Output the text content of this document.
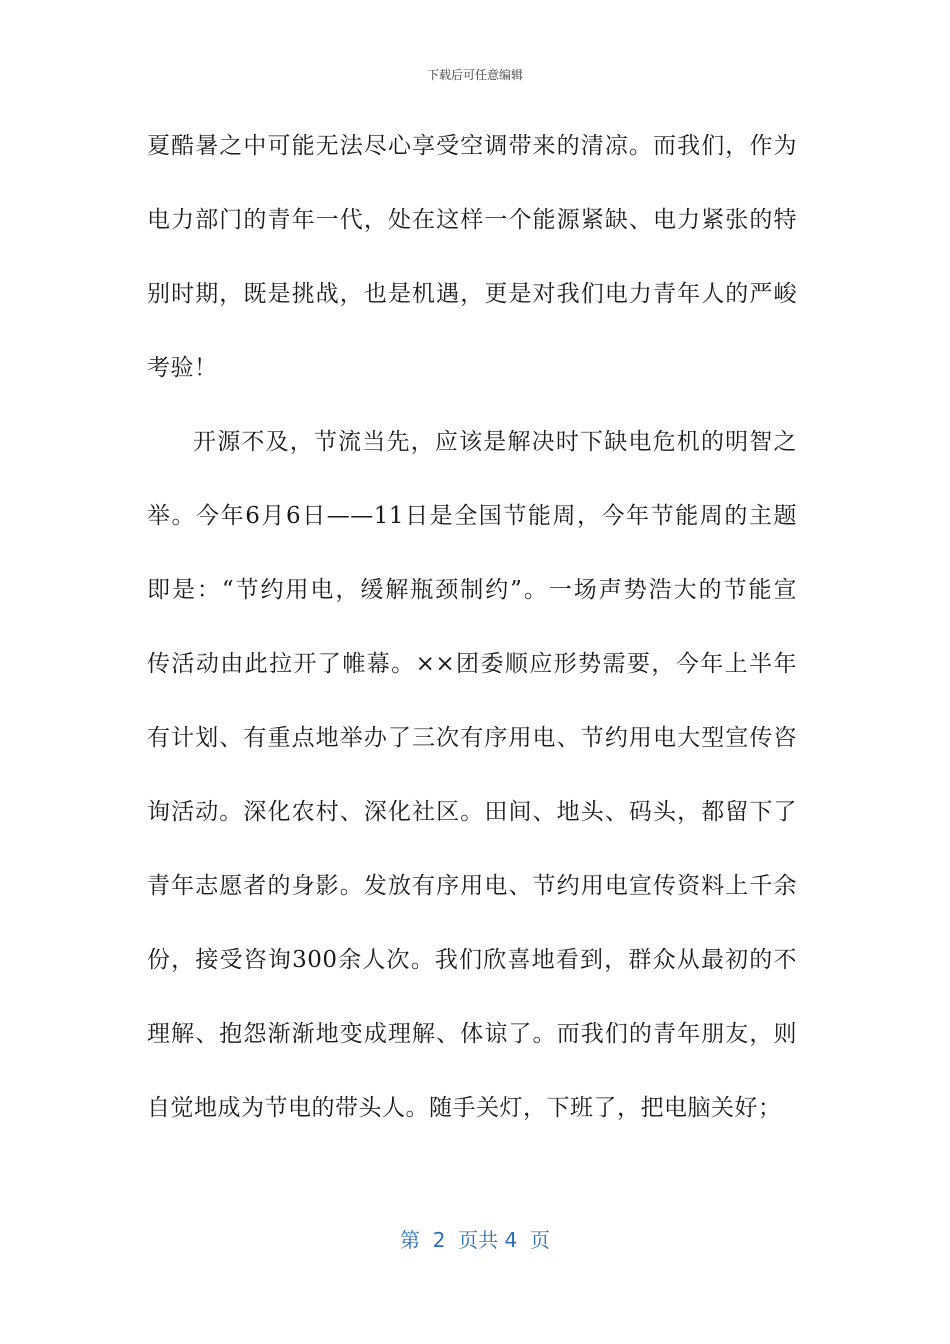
下载后可任意编辑
夏酷暑之中可能无法尽心享受空调带来的清凉。而我们，作为
电力部门的青年一代，处在这样一个能源紧缺、电力紧张的特
别时期，既是挑战，也是机遇，更是对我们电力青年人的严峻
考验！
开源不及，节流当先，应该是解决时下缺电危机的明智之
举。今年6月6日——11日是全国节能周，今年节能周的主题
即是：“节约用电，缓解瓶颈制约”。一场声势浩大的节能宣
传活动由此拉开了帷幕。××团委顺应形势需要，今年上半年
有计划、有重点地举办了三次有序用电、节约用电大型宣传咨
询活动。深化农村、深化社区。田间、地头、码头，都留下了
青年志愿者的身影。发放有序用电、节约用电宣传资料上千余
份，接受咨询300余人次。我们欣喜地看到，群众从最初的不
理解、抱怨渐渐地变成理解、体谅了。而我们的青年朋友，则
自觉地成为节电的带头人。随手关灯，下班了，把电脑关好；
第  2  页共 4  页
